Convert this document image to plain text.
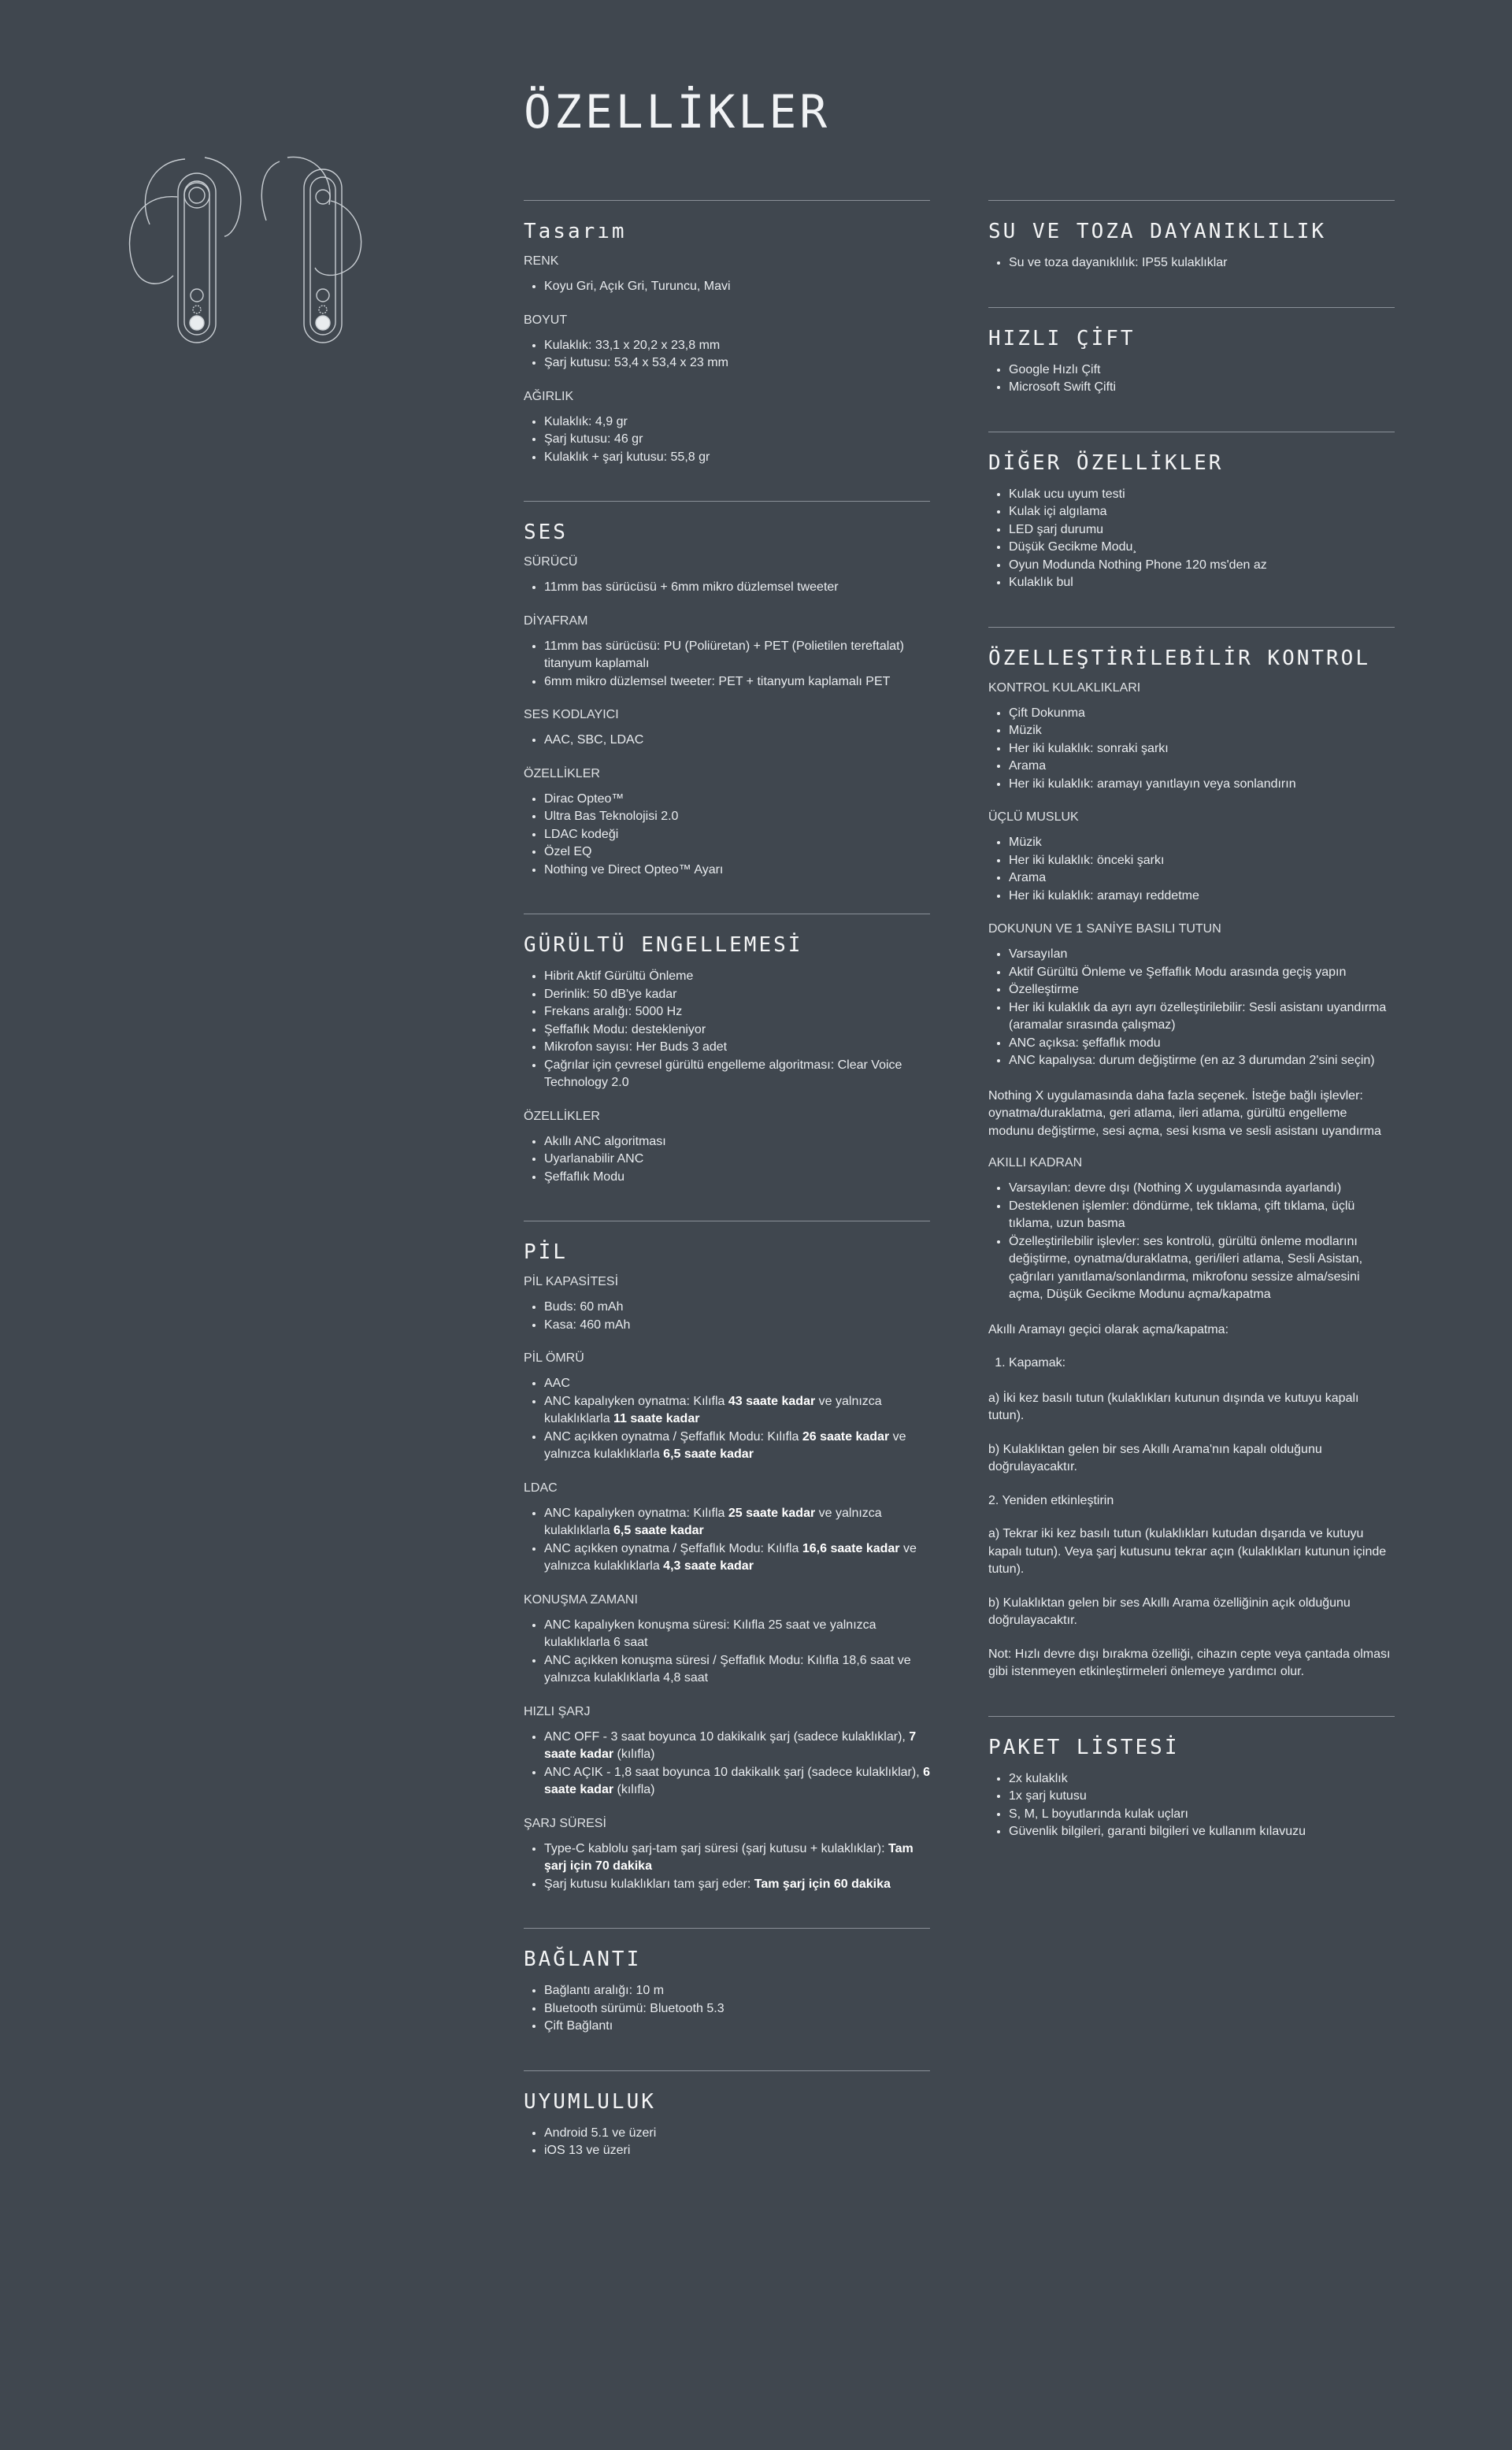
ÖZELLİKLER
Tasarım
RENK
• Koyu Gri, Açık Gri, Turuncu, Mavi
BOYUT
• Kulaklık: 33,1 x 20,2 x 23,8 mm
• Şarj kutusu: 53,4 x 53,4 x 23 mm
AĞIRLIK
• Kulaklık: 4,9 gr
• Şarj kutusu: 46 gr
• Kulaklık + şarj kutusu: 55,8 gr
SES
SÜRÜCÜ
• 11mm bas sürücüsü + 6mm mikro düzlemsel tweeter
DİYAFRAM
• 11mm bas sürücüsü: PU (Poliüretan) + PET (Polietilen tereftalat) titanyum kaplamalı
• 6mm mikro düzlemsel tweeter: PET + titanyum kaplamalı PET
SES KODLAYICI
• AAC, SBC, LDAC
ÖZELLİKLER
• Dirac Opteo™
• Ultra Bas Teknolojisi 2.0
• LDAC kodeği
• Özel EQ
• Nothing ve Direct Opteo™ Ayarı
GÜRÜLTÜ ENGELLEMESİ
• Hibrit Aktif Gürültü Önleme
• Derinlik: 50 dB'ye kadar
• Frekans aralığı: 5000 Hz
• Şeffaflık Modu: destekleniyor
• Mikrofon sayısı: Her Buds 3 adet
• Çağrılar için çevresel gürültü engelleme algoritması: Clear Voice Technology 2.0
ÖZELLİKLER
• Akıllı ANC algoritması
• Uyarlanabilir ANC
• Şeffaflık Modu
PİL
PİL KAPASİTESİ
• Buds: 60 mAh
• Kasa: 460 mAh
PİL ÖMRÜ
• AAC
• ANC kapalıyken oynatma: Kılıfla 43 saate kadar ve yalnızca kulaklıklarla 11 saate kadar
• ANC açıkken oynatma / Şeffaflık Modu: Kılıfla 26 saate kadar ve yalnızca kulaklıklarla 6,5 saate kadar
LDAC
• ANC kapalıyken oynatma: Kılıfla 25 saate kadar ve yalnızca kulaklıklarla 6,5 saate kadar
• ANC açıkken oynatma / Şeffaflık Modu: Kılıfla 16,6 saate kadar ve yalnızca kulaklıklarla 4,3 saate kadar
KONUŞMA ZAMANI
• ANC kapalıyken konuşma süresi: Kılıfla 25 saat ve yalnızca kulaklıklarla 6 saat
• ANC açıkken konuşma süresi / Şeffaflık Modu: Kılıfla 18,6 saat ve yalnızca kulaklıklarla 4,8 saat
HIZLI ŞARJ
• ANC OFF - 3 saat boyunca 10 dakikalık şarj (sadece kulaklıklar), 7 saate kadar (kılıfla)
• ANC AÇIK - 1,8 saat boyunca 10 dakikalık şarj (sadece kulaklıklar), 6 saate kadar (kılıfla)
ŞARJ SÜRESİ
• Type-C kablolu şarj-tam şarj süresi (şarj kutusu + kulaklıklar): Tam şarj için 70 dakika
• Şarj kutusu kulaklıkları tam şarj eder: Tam şarj için 60 dakika
BAĞLANTI
• Bağlantı aralığı: 10 m
• Bluetooth sürümü: Bluetooth 5.3
• Çift Bağlantı
UYUMLULUK
• Android 5.1 ve üzeri
• iOS 13 ve üzeri
SU VE TOZA DAYANIKLILIK
• Su ve toza dayanıklılık: IP55 kulaklıklar
HIZLI ÇİFT
• Google Hızlı Çift
• Microsoft Swift Çifti
DİĞER ÖZELLİKLER
• Kulak ucu uyum testi
• Kulak içi algılama
• LED şarj durumu
• Düşük Gecikme Modu¸
• Oyun Modunda Nothing Phone 120 ms'den az
• Kulaklık bul
ÖZELLEŞTİRİLEBİLİR KONTROL
KONTROL KULAKLIKLARI
• Çift Dokunma
• Müzik
• Her iki kulaklık: sonraki şarkı
• Arama
• Her iki kulaklık: aramayı yanıtlayın veya sonlandırın
ÜÇLÜ MUSLUK
• Müzik
• Her iki kulaklık: önceki şarkı
• Arama
• Her iki kulaklık: aramayı reddetme
DOKUNUN VE 1 SANİYE BASILI TUTUN
• Varsayılan
• Aktif Gürültü Önleme ve Şeffaflık Modu arasında geçiş yapın
• Özelleştirme
• Her iki kulaklık da ayrı ayrı özelleştirilebilir: Sesli asistanı uyandırma (aramalar sırasında çalışmaz)
• ANC açıksa: şeffaflık modu
• ANC kapalıysa: durum değiştirme (en az 3 durumdan 2'sini seçin)

Nothing X uygulamasında daha fazla seçenek. İsteğe bağlı işlevler: oynatma/duraklatma, geri atlama, ileri atlama, gürültü engelleme modunu değiştirme, sesi açma, sesi kısma ve sesli asistanı uyandırma

AKILLI KADRAN
• Varsayılan: devre dışı (Nothing X uygulamasında ayarlandı)
• Desteklenen işlemler: döndürme, tek tıklama, çift tıklama, üçlü tıklama, uzun basma
• Özelleştirilebilir işlevler: ses kontrolü, gürültü önleme modlarını değiştirme, oynatma/duraklatma, geri/ileri atlama, Sesli Asistan, çağrıları yanıtlama/sonlandırma, mikrofonu sessize alma/sesini açma, Düşük Gecikme Modunu açma/kapatma

Akıllı Aramayı geçici olarak açma/kapatma:

1. Kapamak:

a) İki kez basılı tutun (kulaklıkları kutunun dışında ve kutuyu kapalı tutun).

b) Kulaklıktan gelen bir ses Akıllı Arama'nın kapalı olduğunu doğrulayacaktır.

2. Yeniden etkinleştirin

a) Tekrar iki kez basılı tutun (kulaklıkları kutudan dışarıda ve kutuyu kapalı tutun). Veya şarj kutusunu tekrar açın (kulaklıkları kutunun içinde tutun).

b) Kulaklıktan gelen bir ses Akıllı Arama özelliğinin açık olduğunu doğrulayacaktır.

Not: Hızlı devre dışı bırakma özelliği, cihazın cepte veya çantada olması gibi istenmeyen etkinleştirmeleri önlemeye yardımcı olur.

PAKET LİSTESİ
• 2x kulaklık
• 1x şarj kutusu
• S, M, L boyutlarında kulak uçları
• Güvenlik bilgileri, garanti bilgileri ve kullanım kılavuzu
